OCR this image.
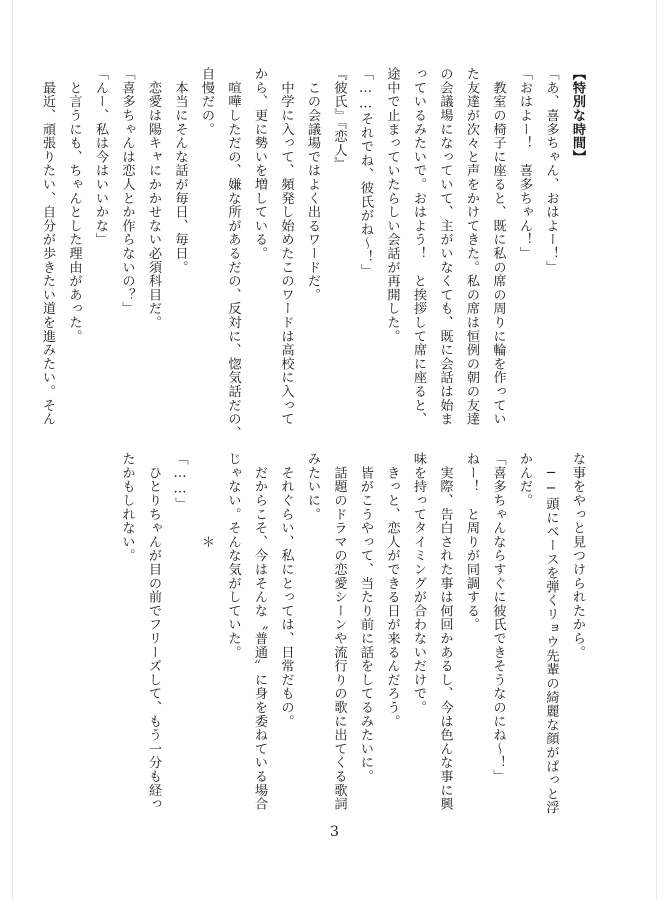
【特別な時間】
「あ、喜多ちゃん、おはよー！」
「おはよー！　喜多ちゃん！」
　教室の椅子に座ると、既に私の席の周りに輪を作ってい
た友達が次々と声をかけてきた。私の席は恒例の朝の友達
の会議場になっていて、主がいなくても、既に会話は始ま
っているみたいで。おはよう！　と挨拶して席に座ると、
途中で止まっていたらしい会話が再開した。
「……それでね、彼氏がね〜！」
『彼氏』『恋人』
　この会議場ではよく出るワードだ。
　中学に入って、頻発し始めたこのワードは高校に入って
から、更に勢いを増している。
　喧嘩しただの、嫌な所があるだの、反対に、惚気話だの、
自慢だの。
　本当にそんな話が毎日、毎日。
　恋愛は陽キャにかかせない必須科目だ。
「喜多ちゃんは恋人とか作らないの？」
「んー、私は今はいいかな」
　と言うにも、ちゃんとした理由があった。
　最近、頑張りたい、自分が歩きたい道を進みたい。そん
な事をやっと見つけられたから。
　──頭にベースを弾くリョウ先輩の綺麗な顔がぱっと浮
かんだ。
「喜多ちゃんならすぐに彼氏できそうなのにね〜！」
ねー！　と周りが同調する。
　実際、告白された事は何回かあるし、今は色んな事に興
味を持ってタイミングが合わないだけで。
　きっと、恋人ができる日が来るんだろう。
　皆がこうやって、当たり前に話をしてるみたいに。
　話題のドラマの恋愛シーンや流行りの歌に出てくる歌詞
みたいに。
　それぐらい、私にとっては、日常だもの。
　だからこそ、今はそんな〝普通〟に身を委ねている場合
じゃない。そんな気がしていた。
　　　　　　＊
「……」
　ひとりちゃんが目の前でフリーズして、もう一分も経っ
たかもしれない。
3
